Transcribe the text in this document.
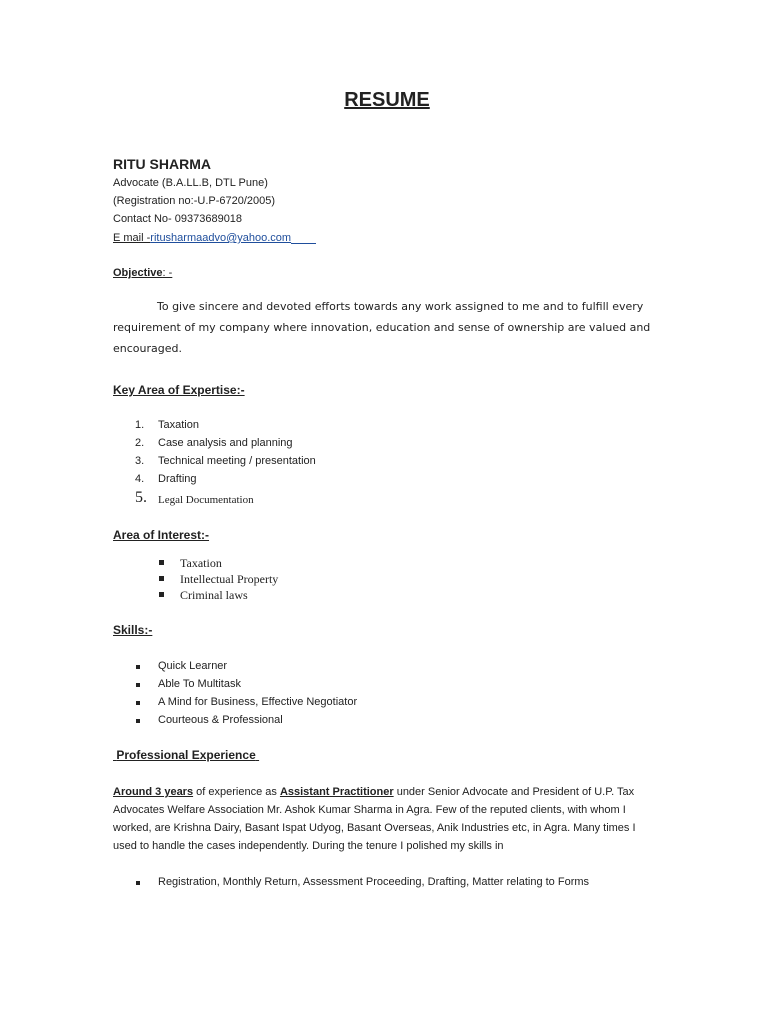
RESUME
RITU SHARMA
Advocate (B.A.LL.B, DTL Pune)
(Registration no:-U.P-6720/2005)
Contact No- 09373689018
E mail -ritusharmaadvo@yahoo.com
Objective: -
To give sincere and devoted efforts towards any work assigned to me and to fulfill every requirement of my company where innovation, education and sense of ownership are valued and encouraged.
Key Area of Expertise:-
1. Taxation
2. Case analysis and planning
3. Technical meeting / presentation
4. Drafting
5. Legal Documentation
Area of Interest:-
Taxation
Intellectual Property
Criminal laws
Skills:-
Quick Learner
Able To Multitask
A Mind for Business, Effective Negotiator
Courteous & Professional
Professional Experience
Around 3 years of experience as Assistant Practitioner under Senior Advocate and President of U.P. Tax Advocates Welfare Association Mr. Ashok Kumar Sharma in Agra. Few of the reputed clients, with whom I worked, are Krishna Dairy, Basant Ispat Udyog, Basant Overseas, Anik Industries etc, in Agra. Many times I used to handle the cases independently. During the tenure I polished my skills in
Registration, Monthly Return, Assessment Proceeding, Drafting, Matter relating to Forms
